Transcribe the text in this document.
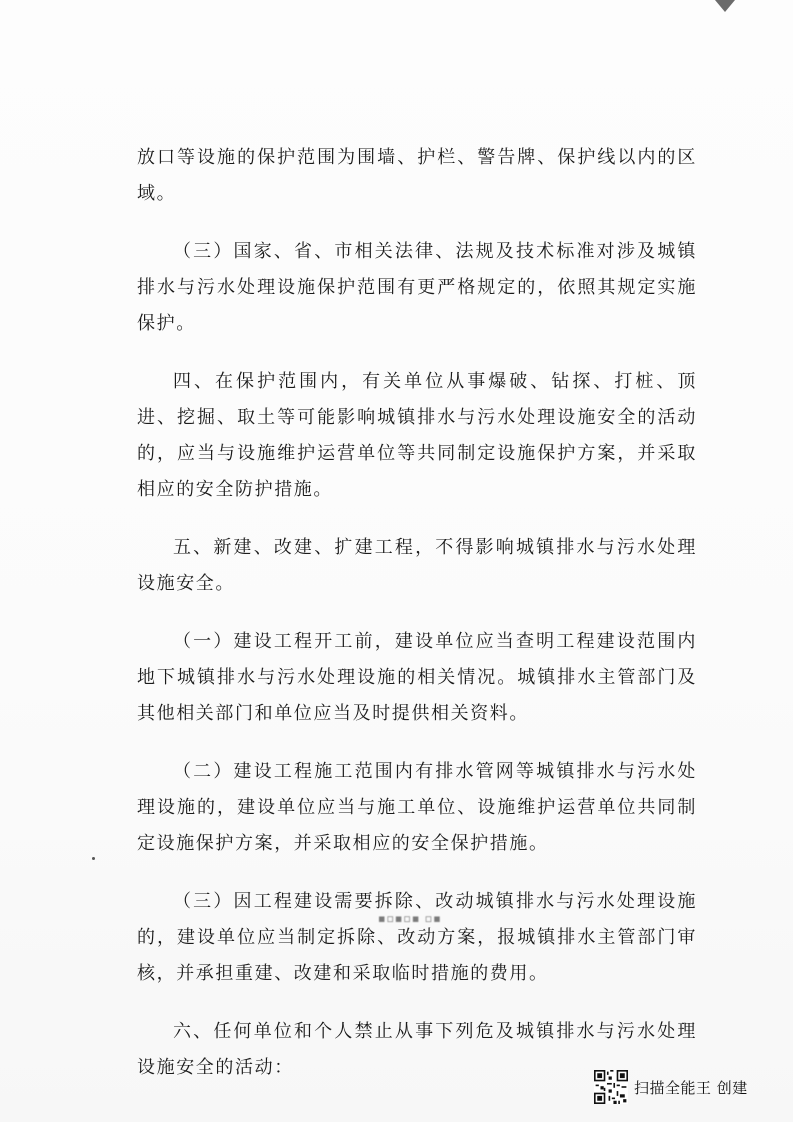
放口等设施的保护范围为围墙、护栏、警告牌、保护线以内的区域。

（三）国家、省、市相关法律、法规及技术标准对涉及城镇排水与污水处理设施保护范围有更严格规定的，依照其规定实施保护。

四、在保护范围内，有关单位从事爆破、钻探、打桩、顶进、挖掘、取土等可能影响城镇排水与污水处理设施安全的活动的，应当与设施维护运营单位等共同制定设施保护方案，并采取相应的安全防护措施。

五、新建、改建、扩建工程，不得影响城镇排水与污水处理设施安全。

（一）建设工程开工前，建设单位应当查明工程建设范围内地下城镇排水与污水处理设施的相关情况。城镇排水主管部门及其他相关部门和单位应当及时提供相关资料。

（二）建设工程施工范围内有排水管网等城镇排水与污水处理设施的，建设单位应当与施工单位、设施维护运营单位共同制定设施保护方案，并采取相应的安全保护措施。

（三）因工程建设需要拆除、改动城镇排水与污水处理设施的，建设单位应当制定拆除、改动方案，报城镇排水主管部门审核，并承担重建、改建和采取临时措施的费用。

六、任何单位和个人禁止从事下列危及城镇排水与污水处理设施安全的活动：

▪▫▪▫▪ ▫▪
扫描全能王 创建
